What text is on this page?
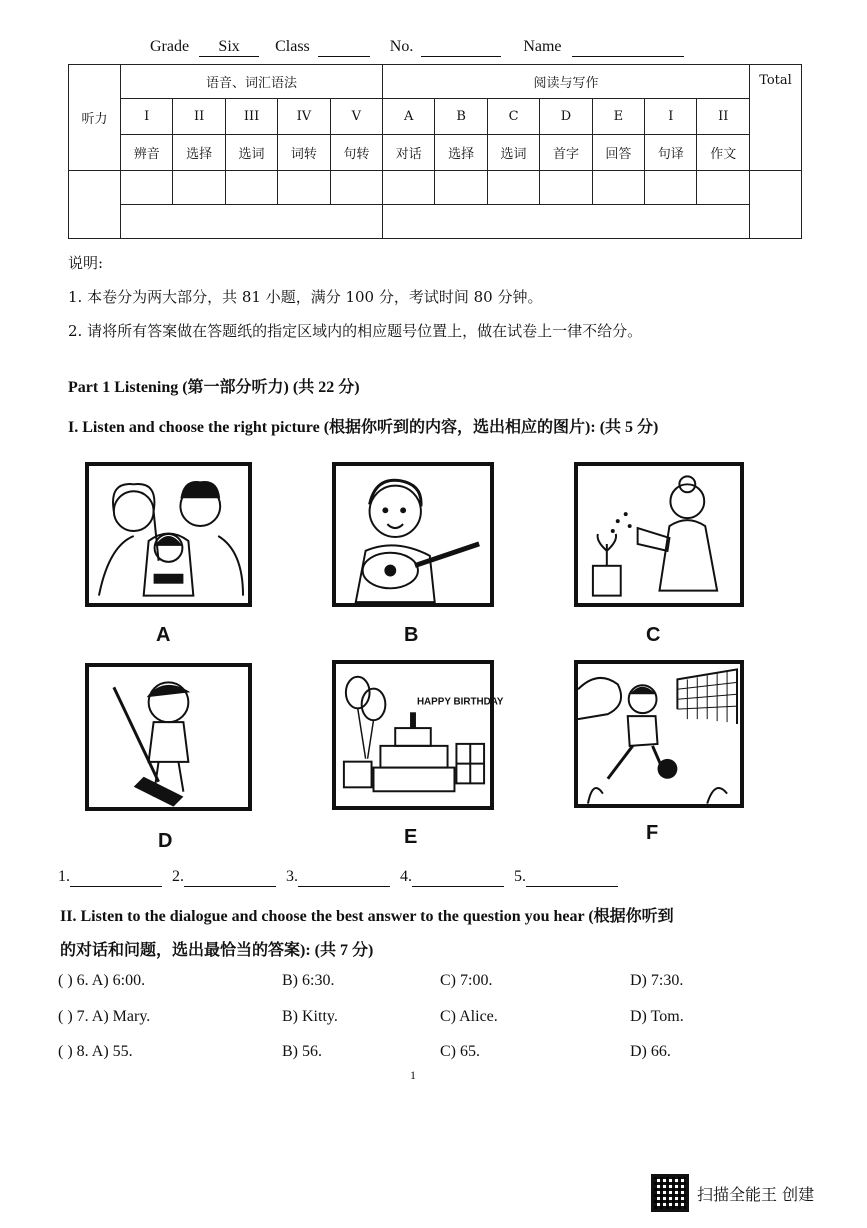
Grade Six Class	No.	Name
听力	语音、词汇语法					阅读与写作							Total
	I	II	III	IV	V	A	B	C	D	E	I	II	
	辨音	选择	选词	词转	句转	对话	选择	选词	首字	回答	句译	作文	

说明:
1. 本卷分为两大部分，共 81 小题，满分 100 分，考试时间 80 分钟。
2. 请将所有答案做在答题纸的指定区域内的相应题号位置上，做在试卷上一律不给分。
Part 1 Listening (第一部分听力) (共 22 分)
I. Listen and choose the right picture (根据你听到的内容，选出相应的图片): (共 5 分)
A	B	C
D
HAPPY BIRTHDAY
E	F
1.	2.	3.	4.	5.
II. Listen to the dialogue and choose the best answer to the question you hear (根据你听到
的对话和问题，选出最恰当的答案): (共 7 分)
( ) 6. A) 6:00.	B) 6:30.	C) 7:00.	D) 7:30.
( ) 7. A) Mary.	B) Kitty.	C) Alice.	D) Tom.
( ) 8. A) 55.	B) 56.	C) 65.	D) 66.
1
扫描全能王 创建
